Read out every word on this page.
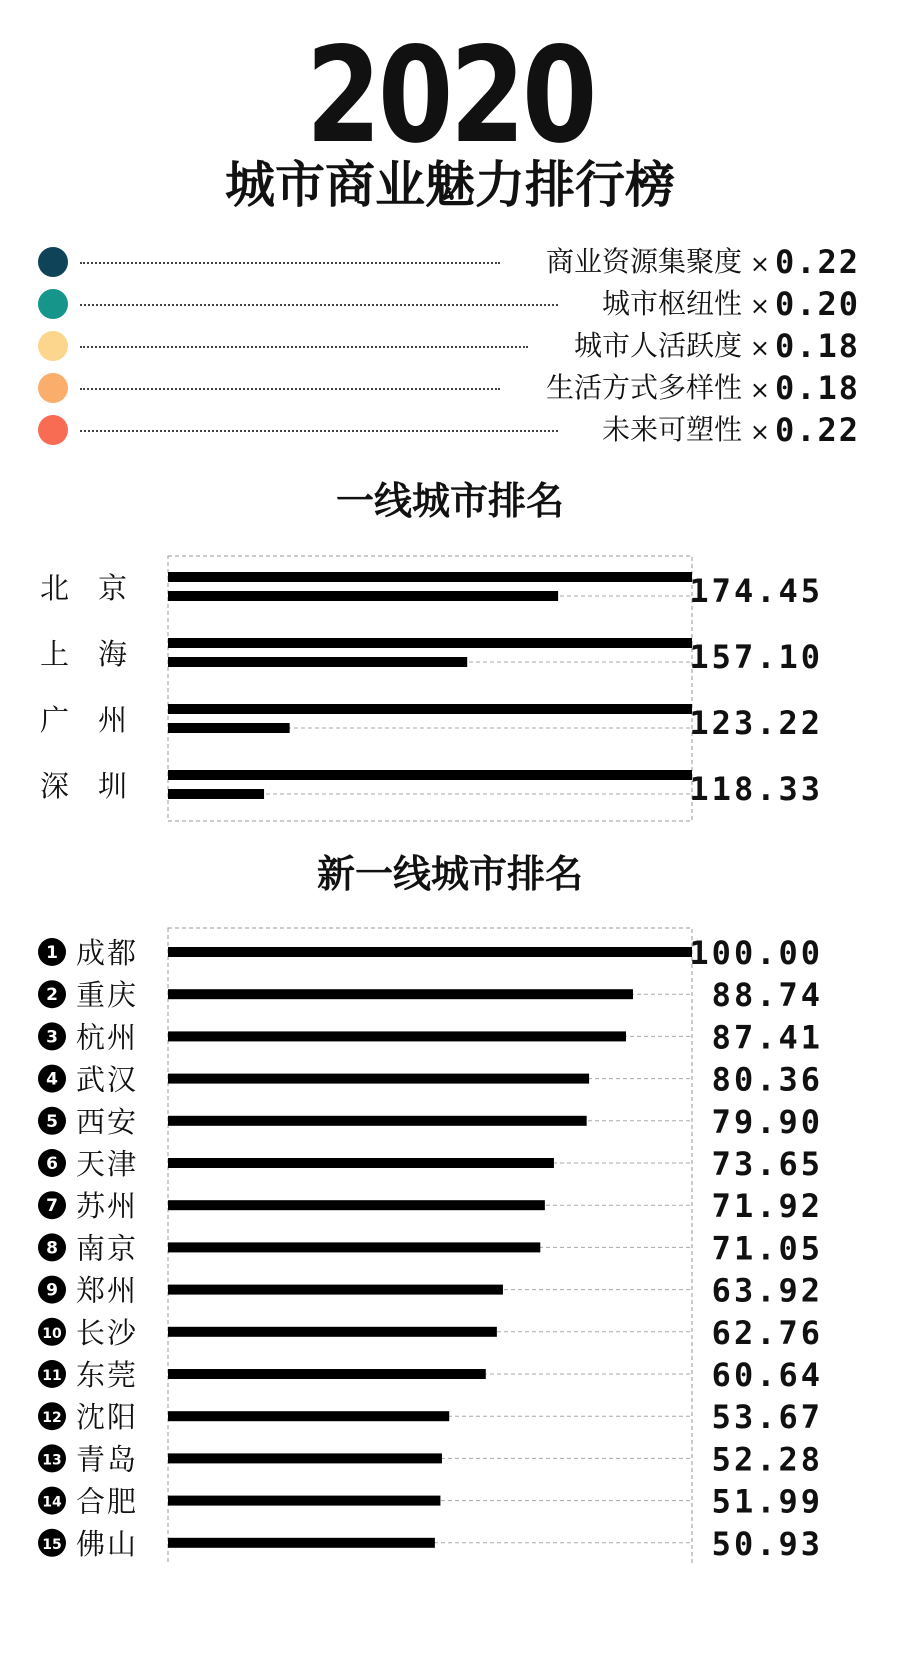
2020
城市商业魅力排行榜
商业资源集聚度 × 0.22
城市枢纽性 × 0.20
城市人活跃度 × 0.18
生活方式多样性 × 0.18
未来可塑性 × 0.22
一线城市排名
北　京	174.45
上　海	157.10
广　州	123.22
深　圳	118.33
新一线城市排名
1 成都	100.00
2 重庆	88.74
3 杭州	87.41
4 武汉	80.36
5 西安	79.90
6 天津	73.65
7 苏州	71.92
8 南京	71.05
9 郑州	63.92
10 长沙	62.76
11 东莞	60.64
12 沈阳	53.67
13 青岛	52.28
14 合肥	51.99
15 佛山	50.93
